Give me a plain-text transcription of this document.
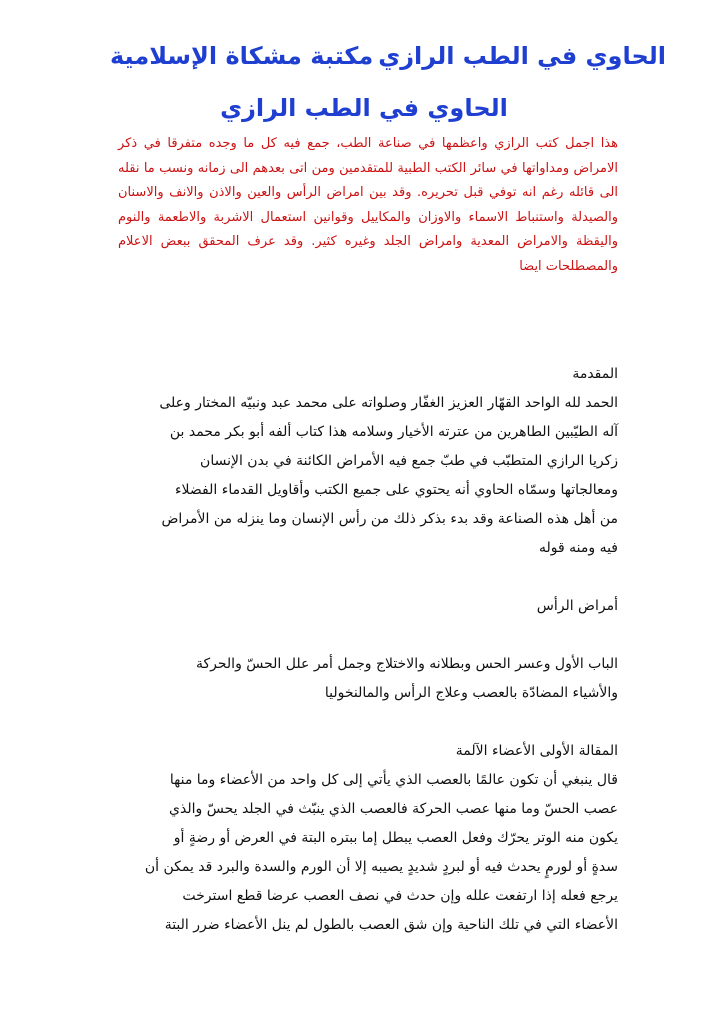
الحاوي في الطب الرازي
مكتبة مشكاة الإسلامية
الحاوي في الطب الرازي

هذا اجمل كتب الرازي واعظمها في صناعة الطب، جمع فيه كل ما وجده متفرقا في ذكر الامراض ومداواتها في سائر الكتب الطبية للمتقدمين ومن اتى بعدهم الى زمانه ونسب ما نقله الى قائله رغم انه توفي قبل تحريره. وقد بين امراض الرأس والعين والاذن والانف والاسنان والصيدلة واستنباط الاسماء والاوزان والمكاييل وقوانين استعمال الاشربة والاطعمة والنوم واليقظة والامراض المعدية وامراض الجلد وغيره كثير. وقد عرف المحقق ببعض الاعلام والمصطلحات ايضا

المقدمة
الحمد لله الواحد القهّار العزيز الغفّار وصلواته على محمد عبد ونبيّه المختار وعلى
آله الطيّبين الطاهرين من عترته الأخيار وسلامه هذا كتاب ألفه أبو بكر محمد بن
زكريا الرازي المتطبّب في طبّ جمع فيه الأمراض الكائنة في بدن الإنسان
ومعالجاتها وسمّاه الحاوي أنه يحتوي على جميع الكتب وأقاويل القدماء الفضلاء
من أهل هذه الصناعة وقد بدء بذكر ذلك من رأس الإنسان وما ينزله من الأمراض
فيه ومنه قوله
أمراض الرأس
الباب الأول وعسر الحس وبطلانه والاختلاج وجمل أمر علل الحسّ والحركة
والأشياء المضادّة بالعصب وعلاج الرأس والمالنخوليا
المقالة الأولى الأعضاء الآلمة
قال ينبغي أن تكون عالمًا بالعصب الذي يأتي إلى كل واحد من الأعضاء وما منها
عصب الحسّ وما منها عصب الحركة فالعصب الذي ينبّث في الجلد يحسّ والذي
يكون منه الوتر يحرّك وفعل العصب يبطل إما ببتره البتة في العرض أو رضةٍ أو
سدةٍ أو لورمٍ يحدث فيه أو لبردٍ شديدٍ يصيبه إلا أن الورم والسدة والبرد قد يمكن أن
يرجع فعله إذا ارتفعت علله وإن حدث في نصف العصب عرضا قطع استرخت
الأعضاء التي في تلك الناحية وإن شق العصب بالطول لم ينل الأعضاء ضرر البتة
